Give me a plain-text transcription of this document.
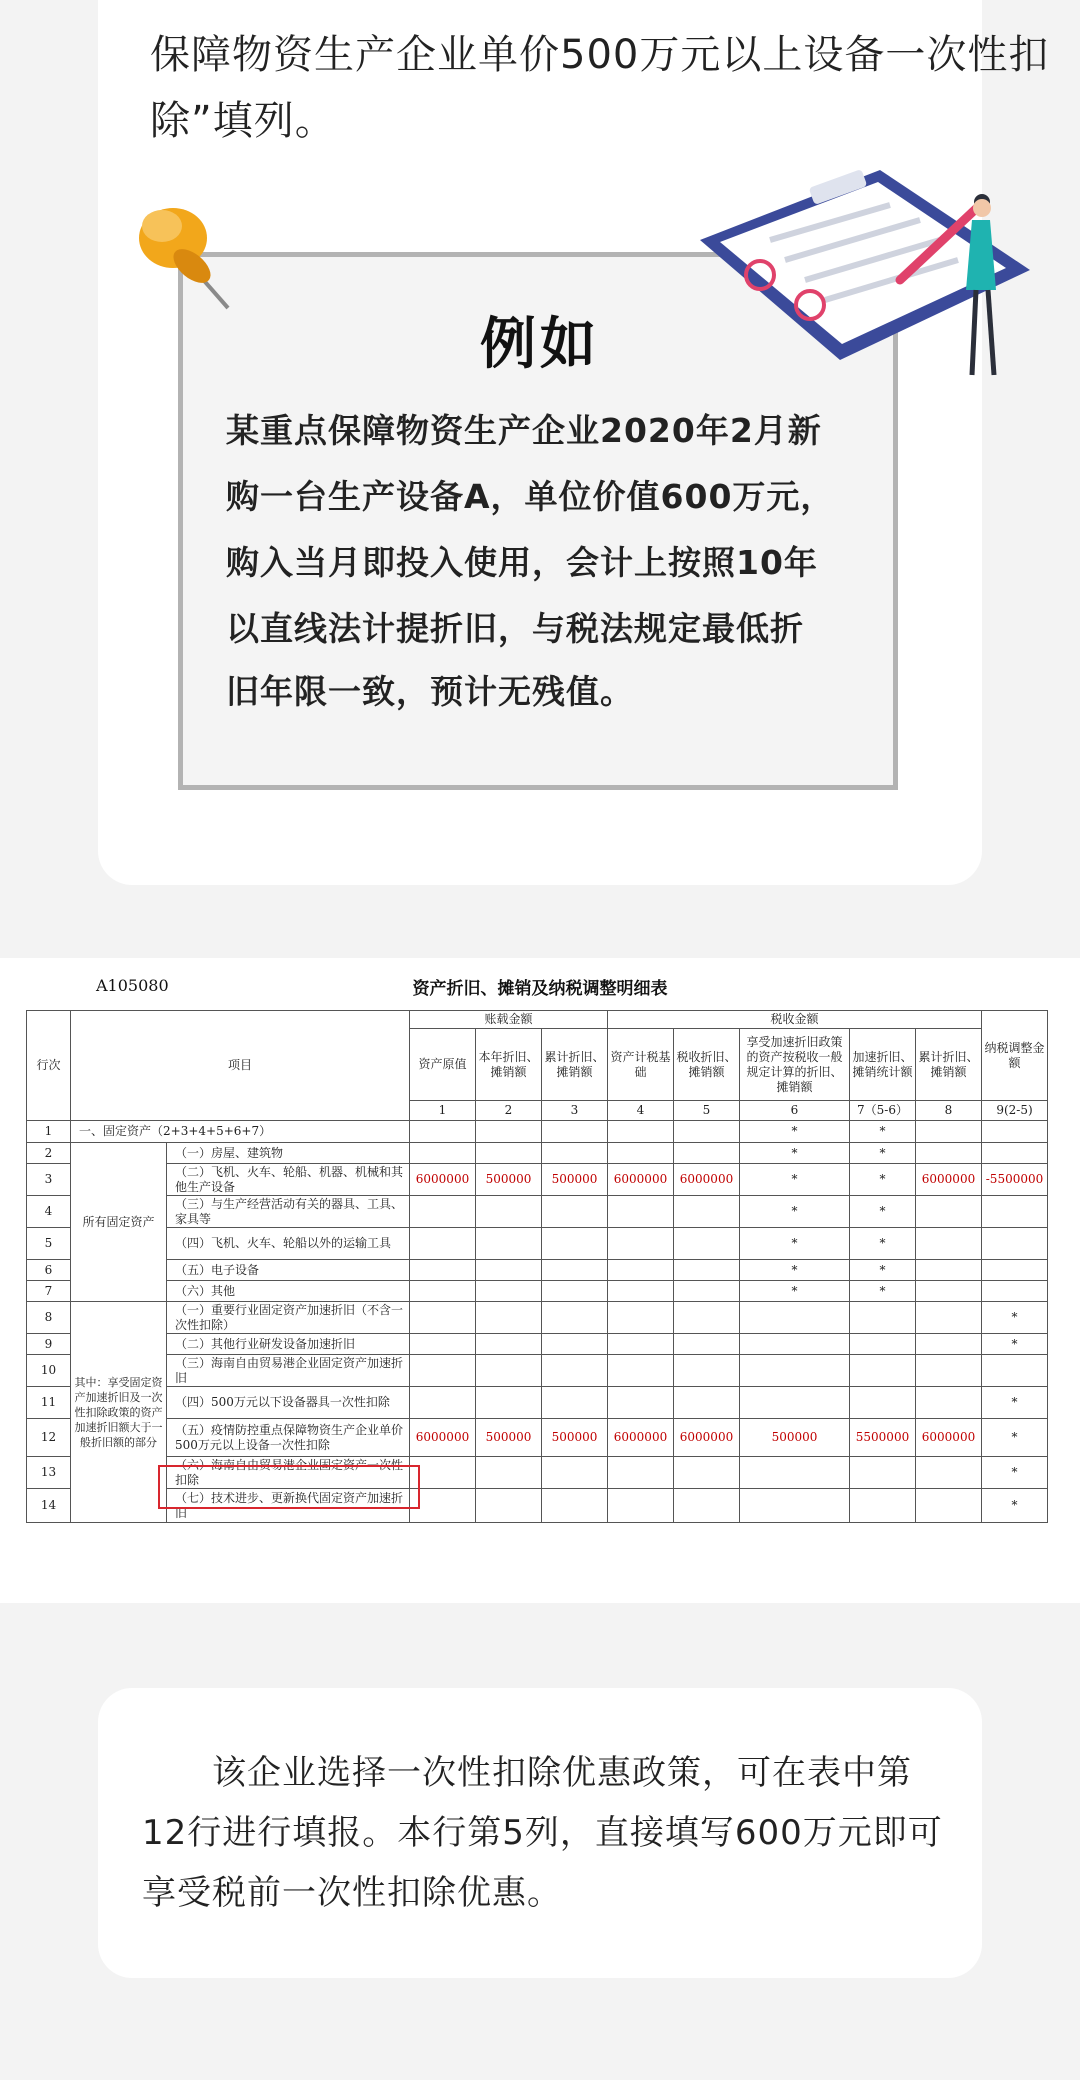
保障物资生产企业单价500万元以上设备一次性扣
除”填列。
例如
某重点保障物资生产企业2020年2月新
购一台生产设备A，单位价值600万元，
购入当月即投入使用，会计上按照10年
以直线法计提折旧，与税法规定最低折
旧年限一致，预计无残值。
A105080	资产折旧、摊销及纳税调整明细表
行次	项目		账载金额			税收金额					纳税调整金额
			资产原值	本年折旧、摊销额	累计折旧、摊销额	资产计税基础	税收折旧、摊销额	享受加速折旧政策的资产按税收一般规定计算的折旧、摊销额	加速折旧、摊销统计额	累计折旧、摊销额	
			1	2	3	4	5	6	7（5-6）	8	9(2-5)
1	一、固定资产（2+3+4+5+6+7）							*	*		
2	所有固定资产	（一）房屋、建筑物						*	*		
3		（二）飞机、火车、轮船、机器、机械和其他生产设备	6000000	500000	500000	6000000	6000000	*	*	6000000	-5500000
4		（三）与生产经营活动有关的器具、工具、家具等						*	*		
5		（四）飞机、火车、轮船以外的运输工具						*	*		
6		（五）电子设备						*	*		
7		（六）其他						*	*		
8	其中：享受固定资产加速折旧及一次性扣除政策的资产加速折旧额大于一般折旧额的部分	（一）重要行业固定资产加速折旧（不含一次性扣除）									*
9		（二）其他行业研发设备加速折旧									*
10		（三）海南自由贸易港企业固定资产加速折旧									
11		（四）500万元以下设备器具一次性扣除									*
12		（五）疫情防控重点保障物资生产企业单价500万元以上设备一次性扣除	6000000	500000	500000	6000000	6000000	500000	5500000	6000000	*
13		（六）海南自由贸易港企业固定资产一次性扣除									*
14		（七）技术进步、更新换代固定资产加速折旧									*
该企业选择一次性扣除优惠政策，可在表中第
12行进行填报。本行第5列，直接填写600万元即可
享受税前一次性扣除优惠。
